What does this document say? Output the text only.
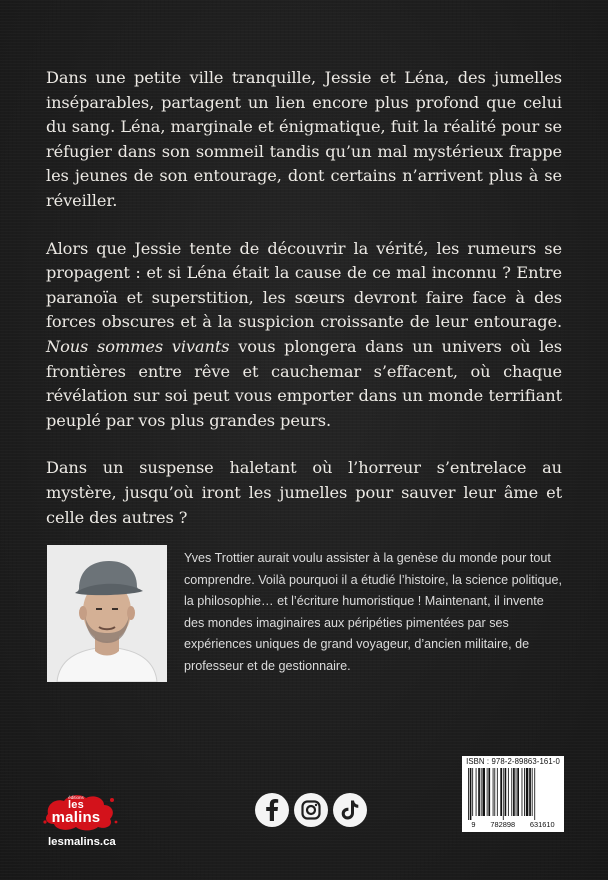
Dans une petite ville tranquille, Jessie et Léna, des jumelles inséparables, partagent un lien encore plus profond que celui du sang. Léna, marginale et énigmatique, fuit la réalité pour se réfugier dans son sommeil tandis qu’un mal mystérieux frappe les jeunes de son entourage, dont certains n’arrivent plus à se réveiller.

Alors que Jessie tente de découvrir la vérité, les rumeurs se propagent : et si Léna était la cause de ce mal inconnu ? Entre paranoïa et superstition, les sœurs devront faire face à des forces obscures et à la suspicion croissante de leur entourage. Nous sommes vivants vous plongera dans un univers où les frontières entre rêve et cauchemar s’effacent, où chaque révélation sur soi peut vous emporter dans un monde terrifiant peuplé par vos plus grandes peurs.

Dans un suspense haletant où l’horreur s’entrelace au mystère, jusqu’où iront les jumelles pour sauver leur âme et celle des autres ?

Yves Trottier aurait voulu assister à la genèse du monde pour tout comprendre. Voilà pourquoi il a étudié l’histoire, la science politique, la philosophie… et l’écriture humoristique ! Maintenant, il invente des mondes imaginaires aux péripéties pimentées par ses expériences uniques de grand voyageur, d’ancien militaire, de professeur et de gestionnaire.
éditions
les
malins
lesmalins.ca
ISBN : 978-2-89863-161-0
9 782898 631610
